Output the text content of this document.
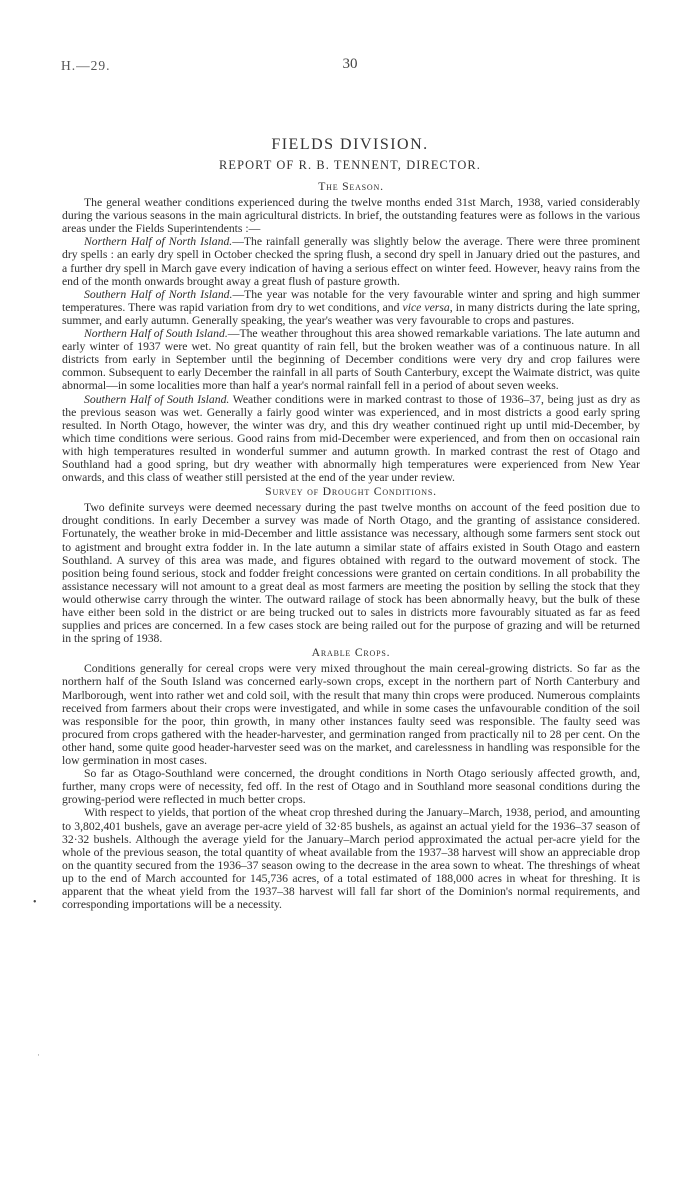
H.—29.	30
FIELDS DIVISION.
REPORT OF R. B. TENNENT, DIRECTOR.
The Season.

The general weather conditions experienced during the twelve months ended 31st March, 1938, varied considerably during the various seasons in the main agricultural districts. In brief, the outstanding features were as follows in the various areas under the Fields Superintendents :—

Northern Half of North Island.—The rainfall generally was slightly below the average. There were three prominent dry spells : an early dry spell in October checked the spring flush, a second dry spell in January dried out the pastures, and a further dry spell in March gave every indication of having a serious effect on winter feed. However, heavy rains from the end of the month onwards brought away a great flush of pasture growth.

Southern Half of North Island.—The year was notable for the very favourable winter and spring and high summer temperatures. There was rapid variation from dry to wet conditions, and vice versa, in many districts during the late spring, summer, and early autumn. Generally speaking, the year's weather was very favourable to crops and pastures.

Northern Half of South Island.—The weather throughout this area showed remarkable variations. The late autumn and early winter of 1937 were wet. No great quantity of rain fell, but the broken weather was of a continuous nature. In all districts from early in September until the beginning of December conditions were very dry and crop failures were common. Subsequent to early December the rainfall in all parts of South Canterbury, except the Waimate district, was quite abnormal—in some localities more than half a year's normal rainfall fell in a period of about seven weeks.

Southern Half of South Island. Weather conditions were in marked contrast to those of 1936–37, being just as dry as the previous season was wet. Generally a fairly good winter was experienced, and in most districts a good early spring resulted. In North Otago, however, the winter was dry, and this dry weather continued right up until mid-December, by which time conditions were serious. Good rains from mid-December were experienced, and from then on occasional rain with high temperatures resulted in wonderful summer and autumn growth. In marked contrast the rest of Otago and Southland had a good spring, but dry weather with abnormally high temperatures were experienced from New Year onwards, and this class of weather still persisted at the end of the year under review.

Survey of Drought Conditions.

Two definite surveys were deemed necessary during the past twelve months on account of the feed position due to drought conditions. In early December a survey was made of North Otago, and the granting of assistance considered. Fortunately, the weather broke in mid-December and little assistance was necessary, although some farmers sent stock out to agistment and brought extra fodder in. In the late autumn a similar state of affairs existed in South Otago and eastern Southland. A survey of this area was made, and figures obtained with regard to the outward movement of stock. The position being found serious, stock and fodder freight concessions were granted on certain conditions. In all probability the assistance necessary will not amount to a great deal as most farmers are meeting the position by selling the stock that they would otherwise carry through the winter. The outward railage of stock has been abnormally heavy, but the bulk of these have either been sold in the district or are being trucked out to sales in districts more favourably situated as far as feed supplies and prices are concerned. In a few cases stock are being railed out for the purpose of grazing and will be returned in the spring of 1938.

Arable Crops.

Conditions generally for cereal crops were very mixed throughout the main cereal-growing districts. So far as the northern half of the South Island was concerned early-sown crops, except in the northern part of North Canterbury and Marlborough, went into rather wet and cold soil, with the result that many thin crops were produced. Numerous complaints received from farmers about their crops were investigated, and while in some cases the unfavourable condition of the soil was responsible for the poor, thin growth, in many other instances faulty seed was responsible. The faulty seed was procured from crops gathered with the header-harvester, and germination ranged from practically nil to 28 per cent. On the other hand, some quite good header-harvester seed was on the market, and carelessness in handling was responsible for the low germination in most cases.

So far as Otago-Southland were concerned, the drought conditions in North Otago seriously affected growth, and, further, many crops were of necessity, fed off. In the rest of Otago and in Southland more seasonal conditions during the growing-period were reflected in much better crops.

With respect to yields, that portion of the wheat crop threshed during the January–March, 1938, period, and amounting to 3,802,401 bushels, gave an average per-acre yield of 32·85 bushels, as against an actual yield for the 1936–37 season of 32·32 bushels. Although the average yield for the January–March period approximated the actual per-acre yield for the whole of the previous season, the total quantity of wheat available from the 1937–38 harvest will show an appreciable drop on the quantity secured from the 1936–37 season owing to the decrease in the area sown to wheat. The threshings of wheat up to the end of March accounted for 145,736 acres, of a total estimated of 188,000 acres in wheat for threshing. It is apparent that the wheat yield from the 1937–38 harvest will fall far short of the Dominion's normal requirements, and corresponding importations will be a necessity.

•
·
